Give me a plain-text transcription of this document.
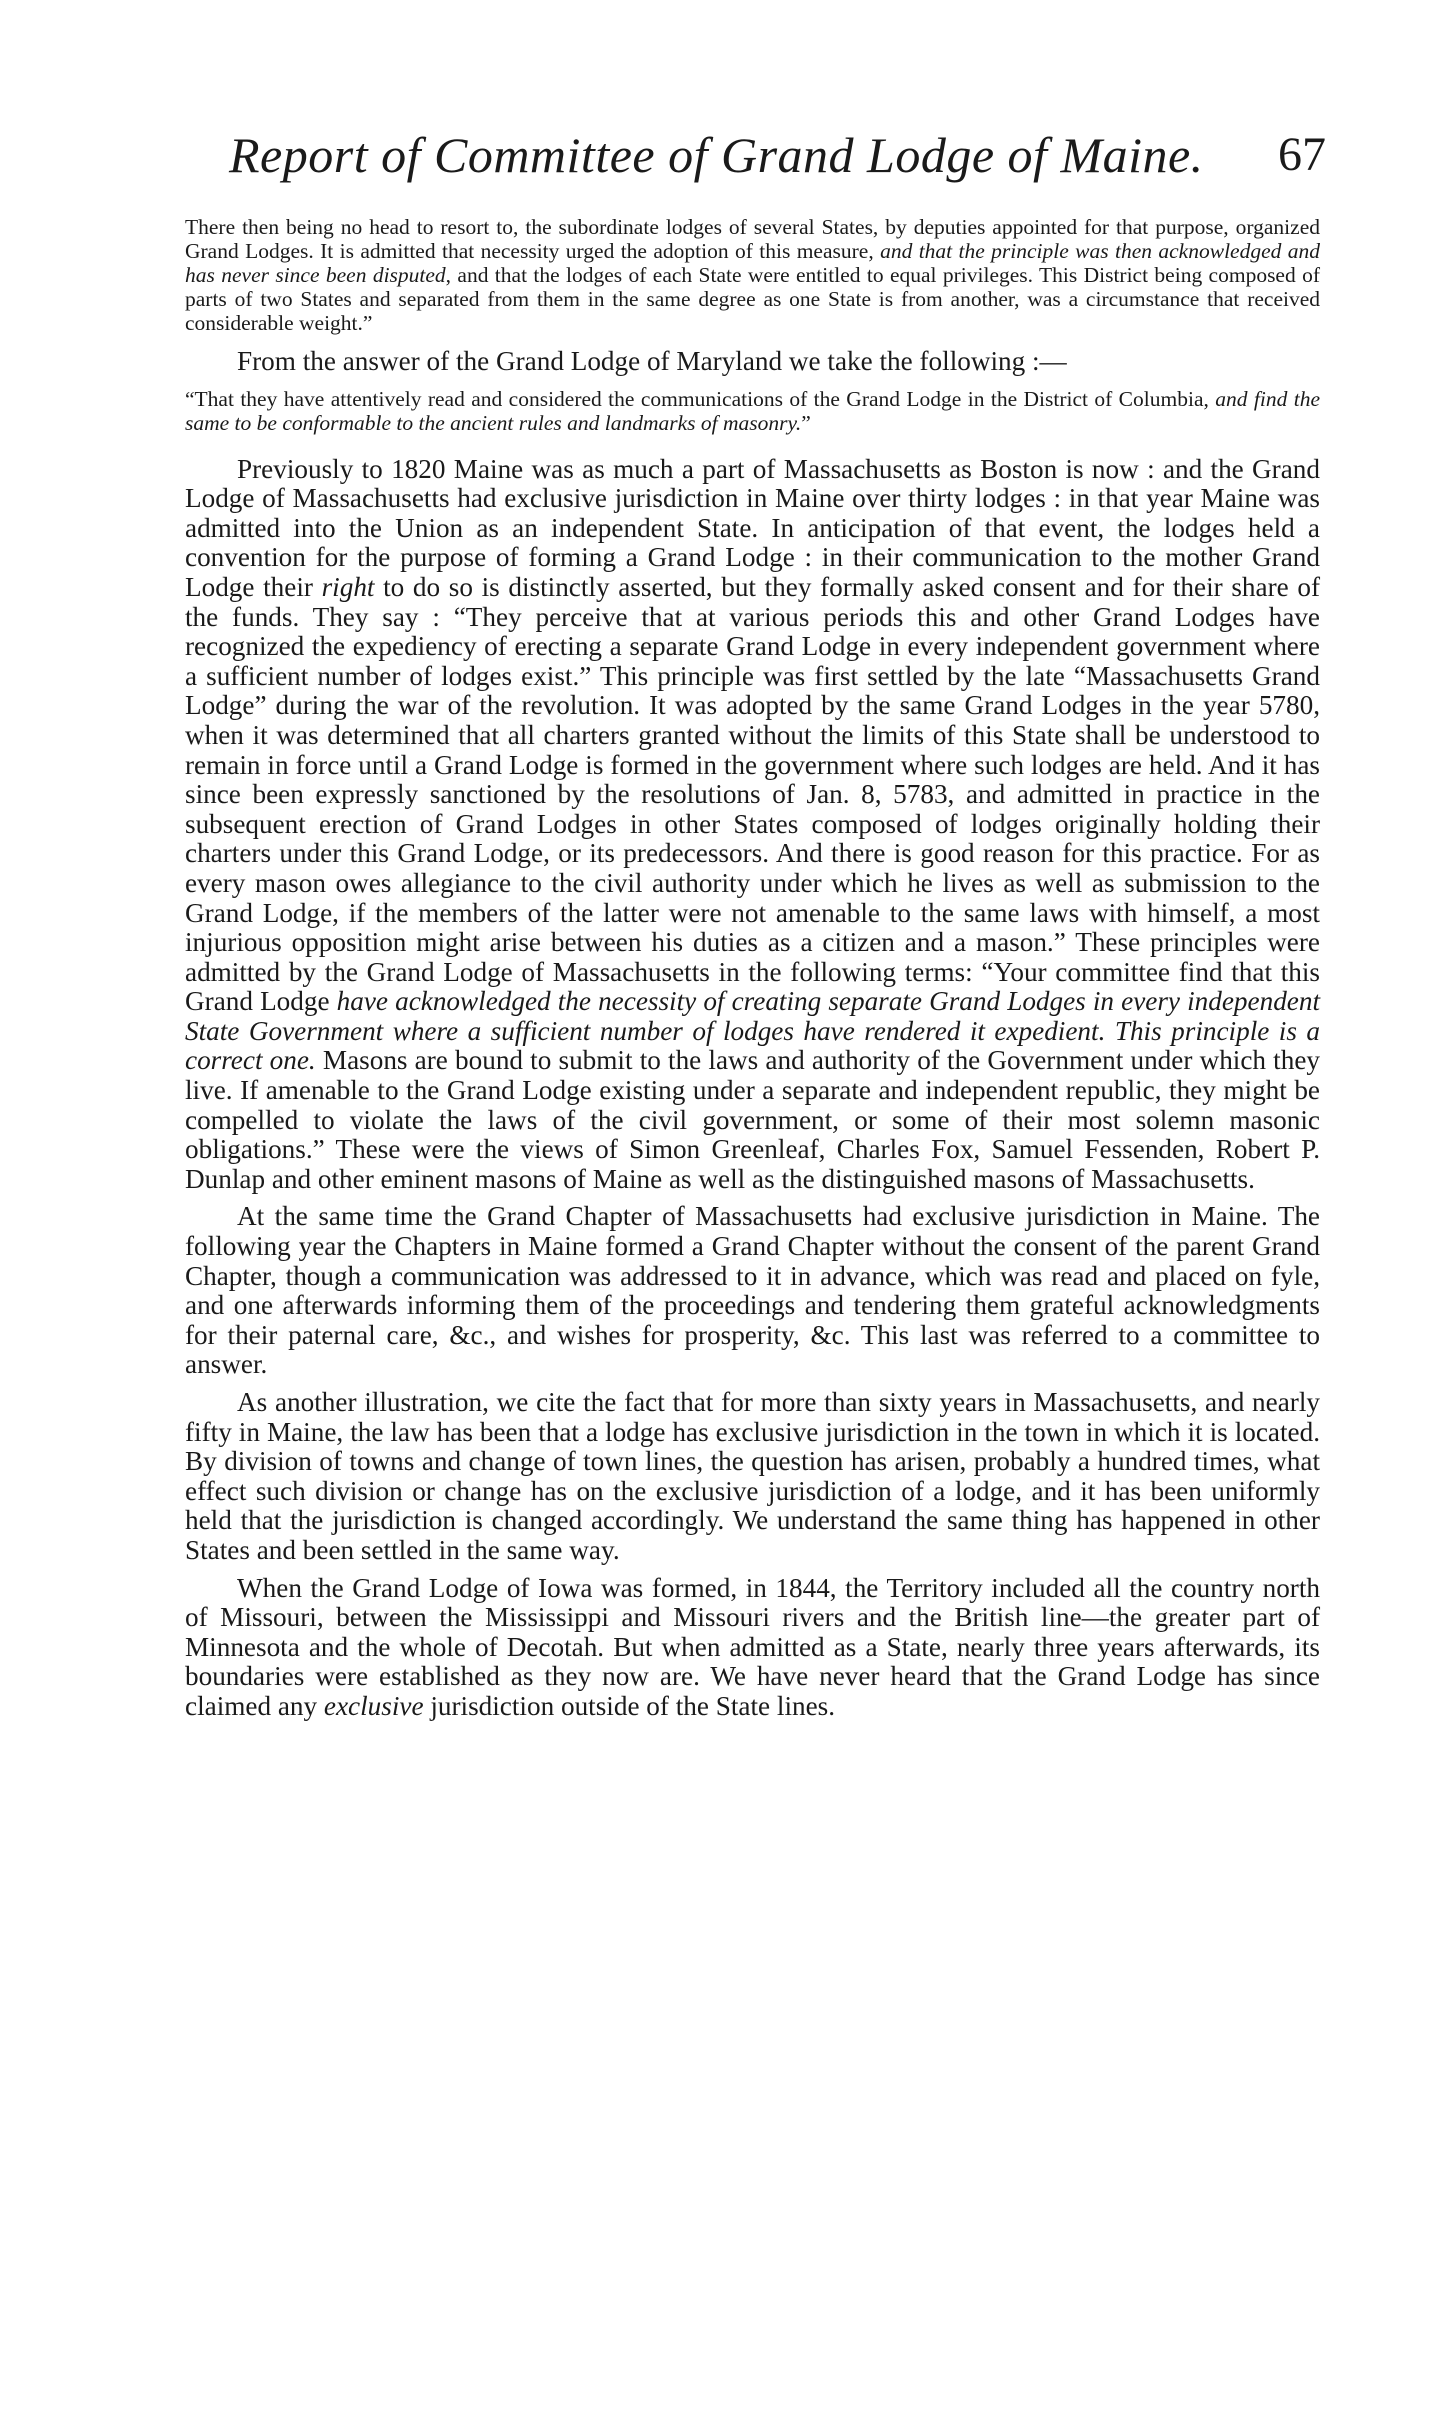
Report of Committee of Grand Lodge of Maine. 67

There then being no head to resort to, the subordinate lodges of several States, by deputies appointed for that purpose, organized Grand Lodges. It is admitted that necessity urged the adoption of this measure, and that the principle was then acknowledged and has never since been disputed, and that the lodges of each State were entitled to equal privileges. This District being composed of parts of two States and separated from them in the same degree as one State is from another, was a circumstance that received considerable weight.”

From the answer of the Grand Lodge of Maryland we take the following :—

“That they have attentively read and considered the communications of the Grand Lodge in the District of Columbia, and find the same to be conformable to the ancient rules and landmarks of masonry.”

Previously to 1820 Maine was as much a part of Massachusetts as Boston is now : and the Grand Lodge of Massachusetts had exclusive jurisdiction in Maine over thirty lodges : in that year Maine was admitted into the Union as an independent State. In anticipation of that event, the lodges held a convention for the purpose of forming a Grand Lodge : in their communication to the mother Grand Lodge their right to do so is distinctly asserted, but they formally asked consent and for their share of the funds. They say : “They perceive that at various periods this and other Grand Lodges have recognized the expediency of erecting a separate Grand Lodge in every independent government where a sufficient number of lodges exist.” This principle was first settled by the late “Massachusetts Grand Lodge” during the war of the revolution. It was adopted by the same Grand Lodges in the year 5780, when it was determined that all charters granted without the limits of this State shall be understood to remain in force until a Grand Lodge is formed in the government where such lodges are held. And it has since been expressly sanctioned by the resolutions of Jan. 8, 5783, and admitted in practice in the subsequent erection of Grand Lodges in other States composed of lodges originally holding their charters under this Grand Lodge, or its predecessors. And there is good reason for this practice. For as every mason owes allegiance to the civil authority under which he lives as well as submission to the Grand Lodge, if the members of the latter were not amenable to the same laws with himself, a most injurious opposition might arise between his duties as a citizen and a mason.” These principles were admitted by the Grand Lodge of Massachusetts in the following terms: “Your committee find that this Grand Lodge have acknowledged the necessity of creating separate Grand Lodges in every independent State Government where a sufficient number of lodges have rendered it expedient. This principle is a correct one. Masons are bound to submit to the laws and authority of the Government under which they live. If amenable to the Grand Lodge existing under a separate and independent republic, they might be compelled to violate the laws of the civil government, or some of their most solemn masonic obligations.” These were the views of Simon Greenleaf, Charles Fox, Samuel Fessenden, Robert P. Dunlap and other eminent masons of Maine as well as the distinguished masons of Massachusetts.

At the same time the Grand Chapter of Massachusetts had exclusive jurisdiction in Maine. The following year the Chapters in Maine formed a Grand Chapter without the consent of the parent Grand Chapter, though a communication was addressed to it in advance, which was read and placed on fyle, and one afterwards informing them of the proceedings and tendering them grateful acknowledgments for their paternal care, &c., and wishes for prosperity, &c. This last was referred to a committee to answer.

As another illustration, we cite the fact that for more than sixty years in Massachusetts, and nearly fifty in Maine, the law has been that a lodge has exclusive jurisdiction in the town in which it is located. By division of towns and change of town lines, the question has arisen, probably a hundred times, what effect such division or change has on the exclusive jurisdiction of a lodge, and it has been uniformly held that the jurisdiction is changed accordingly. We understand the same thing has happened in other States and been settled in the same way.

When the Grand Lodge of Iowa was formed, in 1844, the Territory included all the country north of Missouri, between the Mississippi and Missouri rivers and the British line—the greater part of Minnesota and the whole of Decotah. But when admitted as a State, nearly three years afterwards, its boundaries were established as they now are. We have never heard that the Grand Lodge has since claimed any exclusive jurisdiction outside of the State lines.
